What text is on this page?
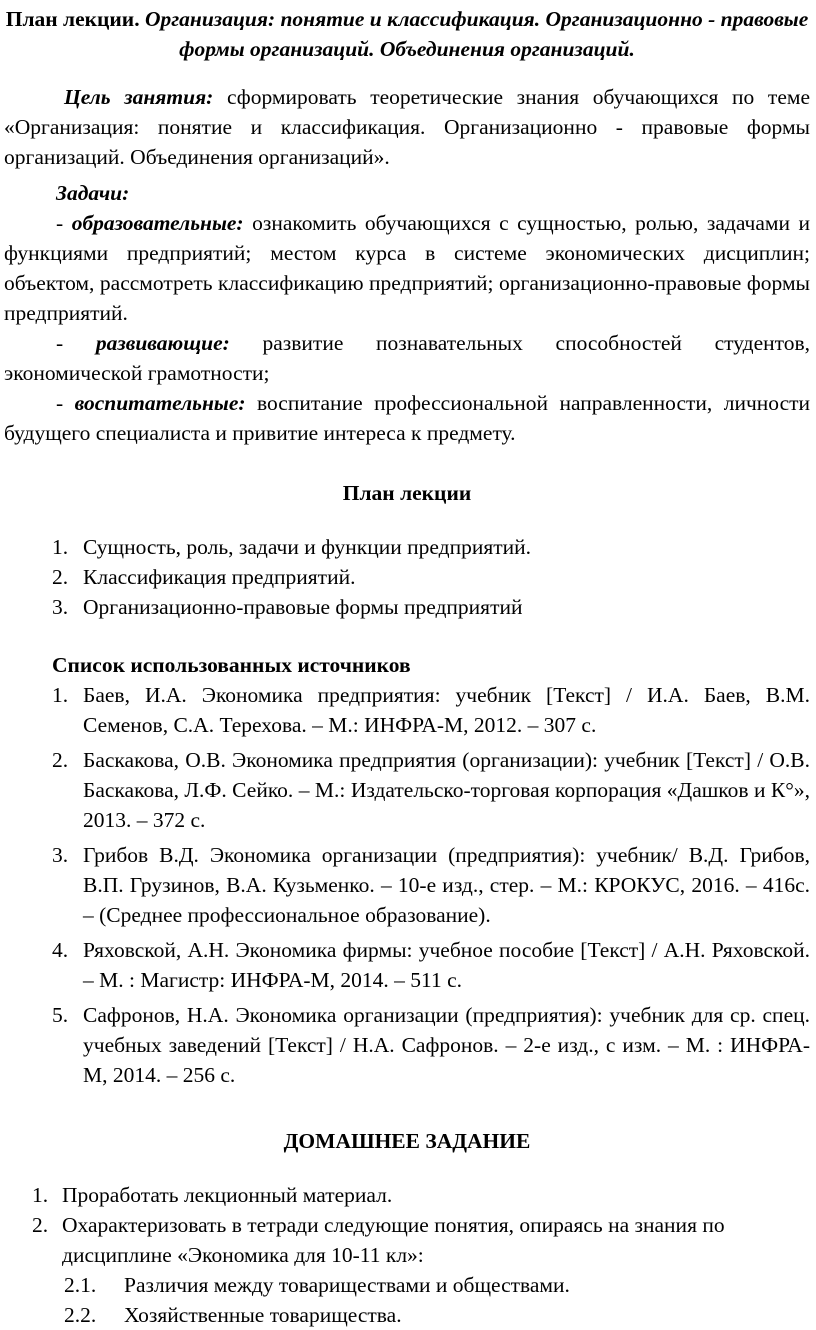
План лекции. Организация: понятие и классификация. Организационно - правовые формы организаций. Объединения организаций.

Цель занятия: сформировать теоретические знания обучающихся по теме «Организация: понятие и классификация. Организационно - правовые формы организаций. Объединения организаций».

Задачи:

- образовательные: ознакомить обучающихся с сущностью, ролью, задачами и функциями предприятий; местом курса в системе экономических дисциплин; объектом, рассмотреть классификацию предприятий; организационно-правовые формы предприятий.

- развивающие: развитие познавательных способностей студентов, экономической грамотности;

- воспитательные: воспитание профессиональной направленности, личности будущего специалиста и привитие интереса к предмету.

План лекции
1. Сущность, роль, задачи и функции предприятий.
2. Классификация предприятий.
3. Организационно-правовые формы предприятий
Список использованных источников
1. Баев, И.А. Экономика предприятия: учебник [Текст] / И.А. Баев, В.М. Семенов, С.А. Терехова. – М.: ИНФРА-М, 2012. – 307 с.
2. Баскакова, О.В. Экономика предприятия (организации): учебник [Текст] / О.В. Баскакова, Л.Ф. Сейко. – М.: Издательско-торговая корпорация «Дашков и К°», 2013. – 372 с.
3. Грибов В.Д. Экономика организации (предприятия): учебник/ В.Д. Грибов, В.П. Грузинов, В.А. Кузьменко. – 10-е изд., стер. – М.: КРОКУС, 2016. – 416с. – (Среднее профессиональное образование).
4. Ряховской, А.Н. Экономика фирмы: учебное пособие [Текст] / А.Н. Ряховской. – М. : Магистр: ИНФРА-М, 2014. – 511 с.
5. Сафронов, Н.А. Экономика организации (предприятия): учебник для ср. спец. учебных заведений [Текст] / Н.А. Сафронов. – 2-е изд., с изм. – М. : ИНФРА-М, 2014. – 256 с.
ДОМАШНЕЕ ЗАДАНИЕ
1. Проработать лекционный материал.
2. Охарактеризовать в тетради следующие понятия, опираясь на знания по дисциплине «Экономика для 10-11 кл»:
2.1. Различия между товариществами и обществами.
2.2. Хозяйственные товарищества.
